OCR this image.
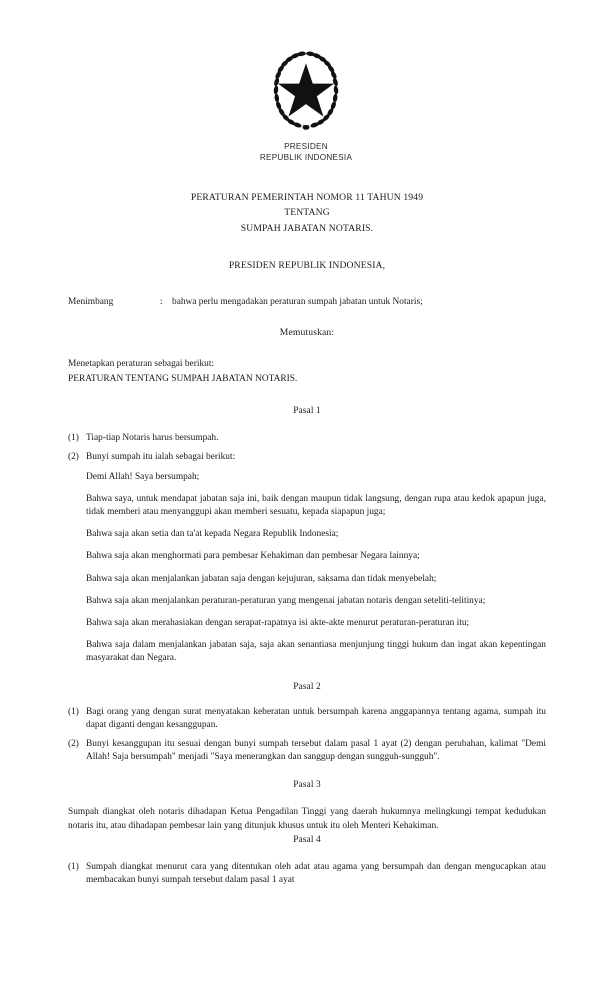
PRESIDEN
REPUBLIK INDONESIA
PERATURAN PEMERINTAH NOMOR 11 TAHUN 1949
TENTANG
SUMPAH JABATAN NOTARIS.
PRESIDEN REPUBLIK INDONESIA,
Menimbang	: bahwa perlu mengadakan peraturan sumpah jabatan untuk Notaris;
Memutuskan:
Menetapkan peraturan sebagai berikut:
PERATURAN TENTANG SUMPAH JABATAN NOTARIS.
Pasal 1
(1) Tiap-tiap Notaris harus bersumpah.
(2) Bunyi sumpah itu ialah sebagai berikut:
Demi Allah! Saya bersumpah;
Bahwa saya, untuk mendapat jabatan saja ini, baik dengan maupun tidak langsung, dengan rupa atau kedok apapun juga, tidak memberi atau menyanggupi akan memberi sesuatu, kepada siapapun juga;
Bahwa saja akan setia dan ta'at kepada Negara Republik Indonesia;
Bahwa saja akan menghormati para pembesar Kehakiman dan pembesar Negara lainnya;
Bahwa saja akan menjalankan jabatan saja dengan kejujuran, saksama dan tidak menyebelah;
Bahwa saja akan menjalankan peraturan-peraturan yang mengenai jabatan notaris dengan seteliti-telitinya;
Bahwa saja akan merahasiakan dengan serapat-rapatnya isi akte-akte menurut peraturan-peraturan itu;
Bahwa saja dalam menjalankan jabatan saja, saja akan senantiasa menjunjung tinggi hukum dan ingat akan kepentingan masyarakat dan Negara.
Pasal 2
(1) Bagi orang yang dengan surat menyatakan keberatan untuk bersumpah karena anggapannya tentang agama, sumpah itu dapat diganti dengan kesanggupan.
(2) Bunyi kesanggupan itu sesuai dengan bunyi sumpah tersebut dalam pasal 1 ayat (2) dengan perubahan, kalimat "Demi Allah! Saja bersumpah" menjadi "Saya menerangkan dan sanggup dengan sungguh-sungguh".
Pasal 3
Sumpah diangkat oleh notaris dihadapan Ketua Pengadilan Tinggi yang daerah hukumnya melingkungi tempat kedudukan notaris itu, atau dihadapan pembesar lain yang ditunjuk khusus untuk itu oleh Menteri Kehakiman.
Pasal 4
(1) Sumpah diangkat menurut cara yang ditentukan oleh adat atau agama yang bersumpah dan dengan mengucapkan atau membacakan bunyi sumpah tersebut dalam pasal 1 ayat
